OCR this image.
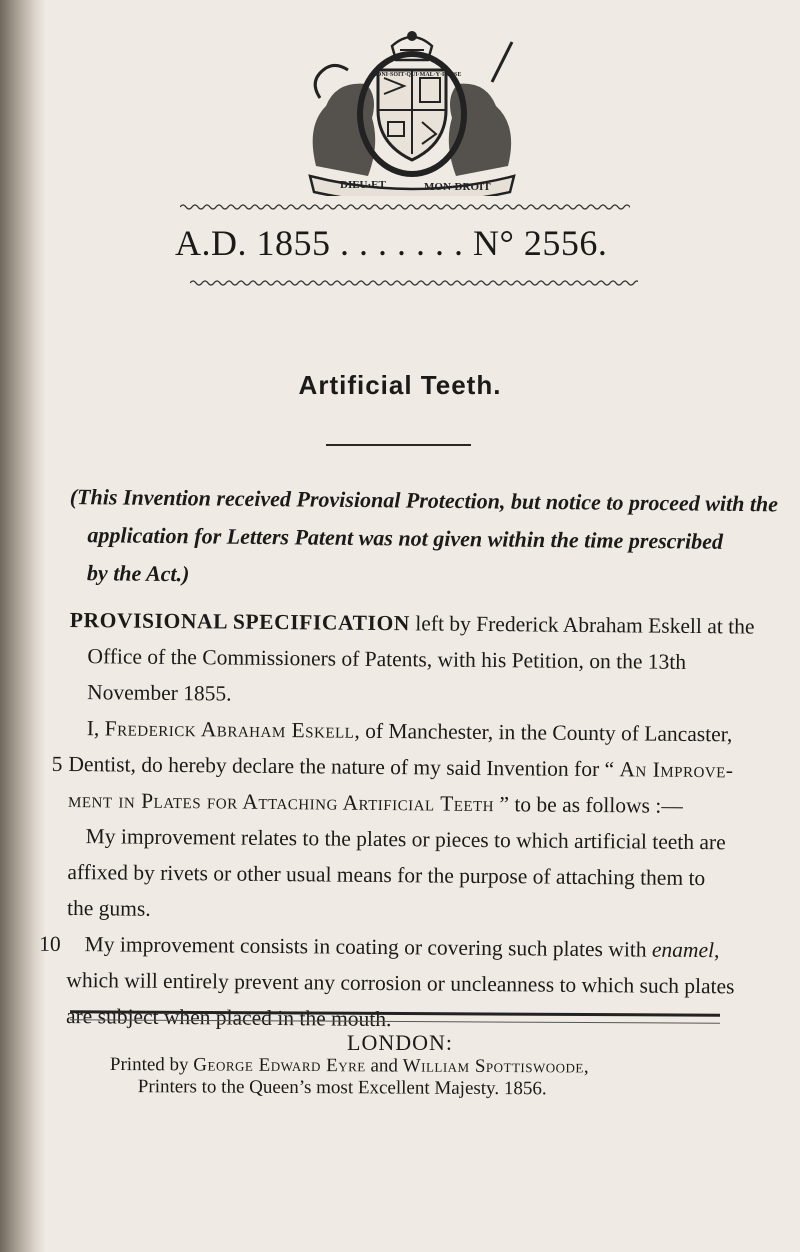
DIEU·ET	MON·DROIT
HONI·SOIT·QUI·MAL·Y·PENSE
A.D. 1855 . . . . . . . N° 2556.
Artificial Teeth.
(This Invention received Provisional Protection, but notice to proceed with the
application for Letters Patent was not given within the time prescribed
by the Act.)
PROVISIONAL SPECIFICATION left by Frederick Abraham Eskell at the
Office of the Commissioners of Patents, with his Petition, on the 13th
November 1855.
I, Frederick Abraham Eskell, of Manchester, in the County of Lancaster,
5 Dentist, do hereby declare the nature of my said Invention for “ An Improve-
ment in Plates for Attaching Artificial Teeth ” to be as follows :—
My improvement relates to the plates or pieces to which artificial teeth are
affixed by rivets or other usual means for the purpose of attaching them to
the gums.
10 My improvement consists in coating or covering such plates with enamel,
which will entirely prevent any corrosion or uncleanness to which such plates
are subject when placed in the mouth.
LONDON:
Printed by George Edward Eyre and William Spottiswoode,
Printers to the Queen’s most Excellent Majesty. 1856.
